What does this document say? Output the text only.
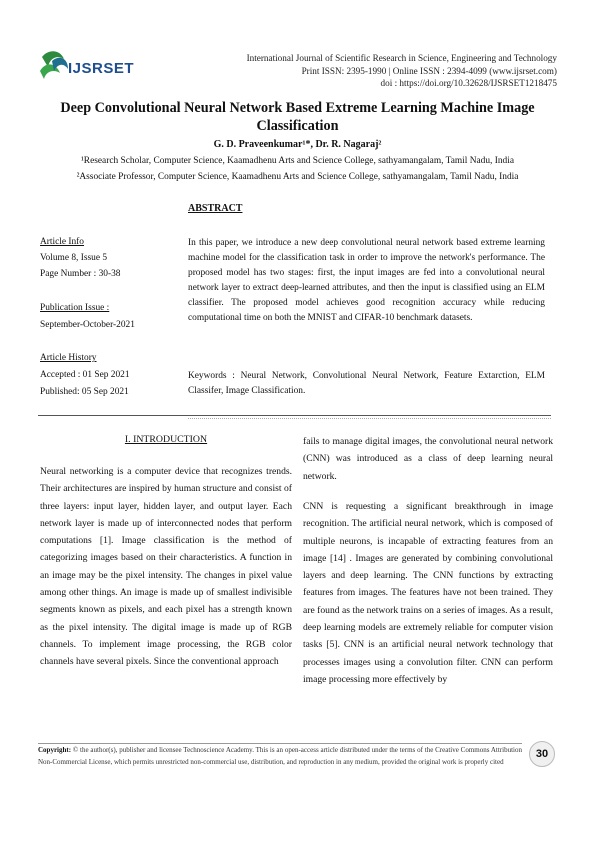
IJSRSET
International Journal of Scientific Research in Science, Engineering and Technology
Print ISSN: 2395-1990 | Online ISSN : 2394-4099 (www.ijsrset.com)
doi : https://doi.org/10.32628/IJSRSET1218475
Deep Convolutional Neural Network Based Extreme Learning Machine Image Classification
G. D. Praveenkumar¹*, Dr. R. Nagaraj²
¹Research Scholar, Computer Science, Kaamadhenu Arts and Science College, sathyamangalam, Tamil Nadu, India
²Associate Professor, Computer Science, Kaamadhenu Arts and Science College, sathyamangalam, Tamil Nadu, India
ABSTRACT
Article Info
Volume 8, Issue 5
Page Number : 30-38
Publication Issue :
September-October-2021
Article History
Accepted : 01 Sep 2021
Published: 05 Sep 2021
In this paper, we introduce a new deep convolutional neural network based extreme learning machine model for the classification task in order to improve the network's performance. The proposed model has two stages: first, the input images are fed into a convolutional neural network layer to extract deep-learned attributes, and then the input is classified using an ELM classifier. The proposed model achieves good recognition accuracy while reducing computational time on both the MNIST and CIFAR-10 benchmark datasets.
Keywords : Neural Network, Convolutional Neural Network, Feature Extarction, ELM Classifer, Image Classification.
I. INTRODUCTION
Neural networking is a computer device that recognizes trends. Their architectures are inspired by human structure and consist of three layers: input layer, hidden layer, and output layer. Each network layer is made up of interconnected nodes that perform computations [1]. Image classification is the method of categorizing images based on their characteristics. A function in an image may be the pixel intensity. The changes in pixel value among other things. An image is made up of smallest indivisible segments known as pixels, and each pixel has a strength known as the pixel intensity. The digital image is made up of RGB channels. To implement image processing, the RGB color channels have several pixels. Since the conventional approach
fails to manage digital images, the convolutional neural network (CNN) was introduced as a class of deep learning neural network.
CNN is requesting a significant breakthrough in image recognition. The artificial neural network, which is composed of multiple neurons, is incapable of extracting features from an image [14] . Images are generated by combining convolutional layers and deep learning. The CNN functions by extracting features from images. The features have not been trained. They are found as the network trains on a series of images. As a result, deep learning models are extremely reliable for computer vision tasks [5]. CNN is an artificial neural network technology that processes images using a convolution filter. CNN can perform image processing more effectively by
Copyright: © the author(s), publisher and licensee Technoscience Academy. This is an open-access article distributed under the terms of the Creative Commons Attribution Non-Commercial License, which permits unrestricted non-commercial use, distribution, and reproduction in any medium, provided the original work is properly cited
30
